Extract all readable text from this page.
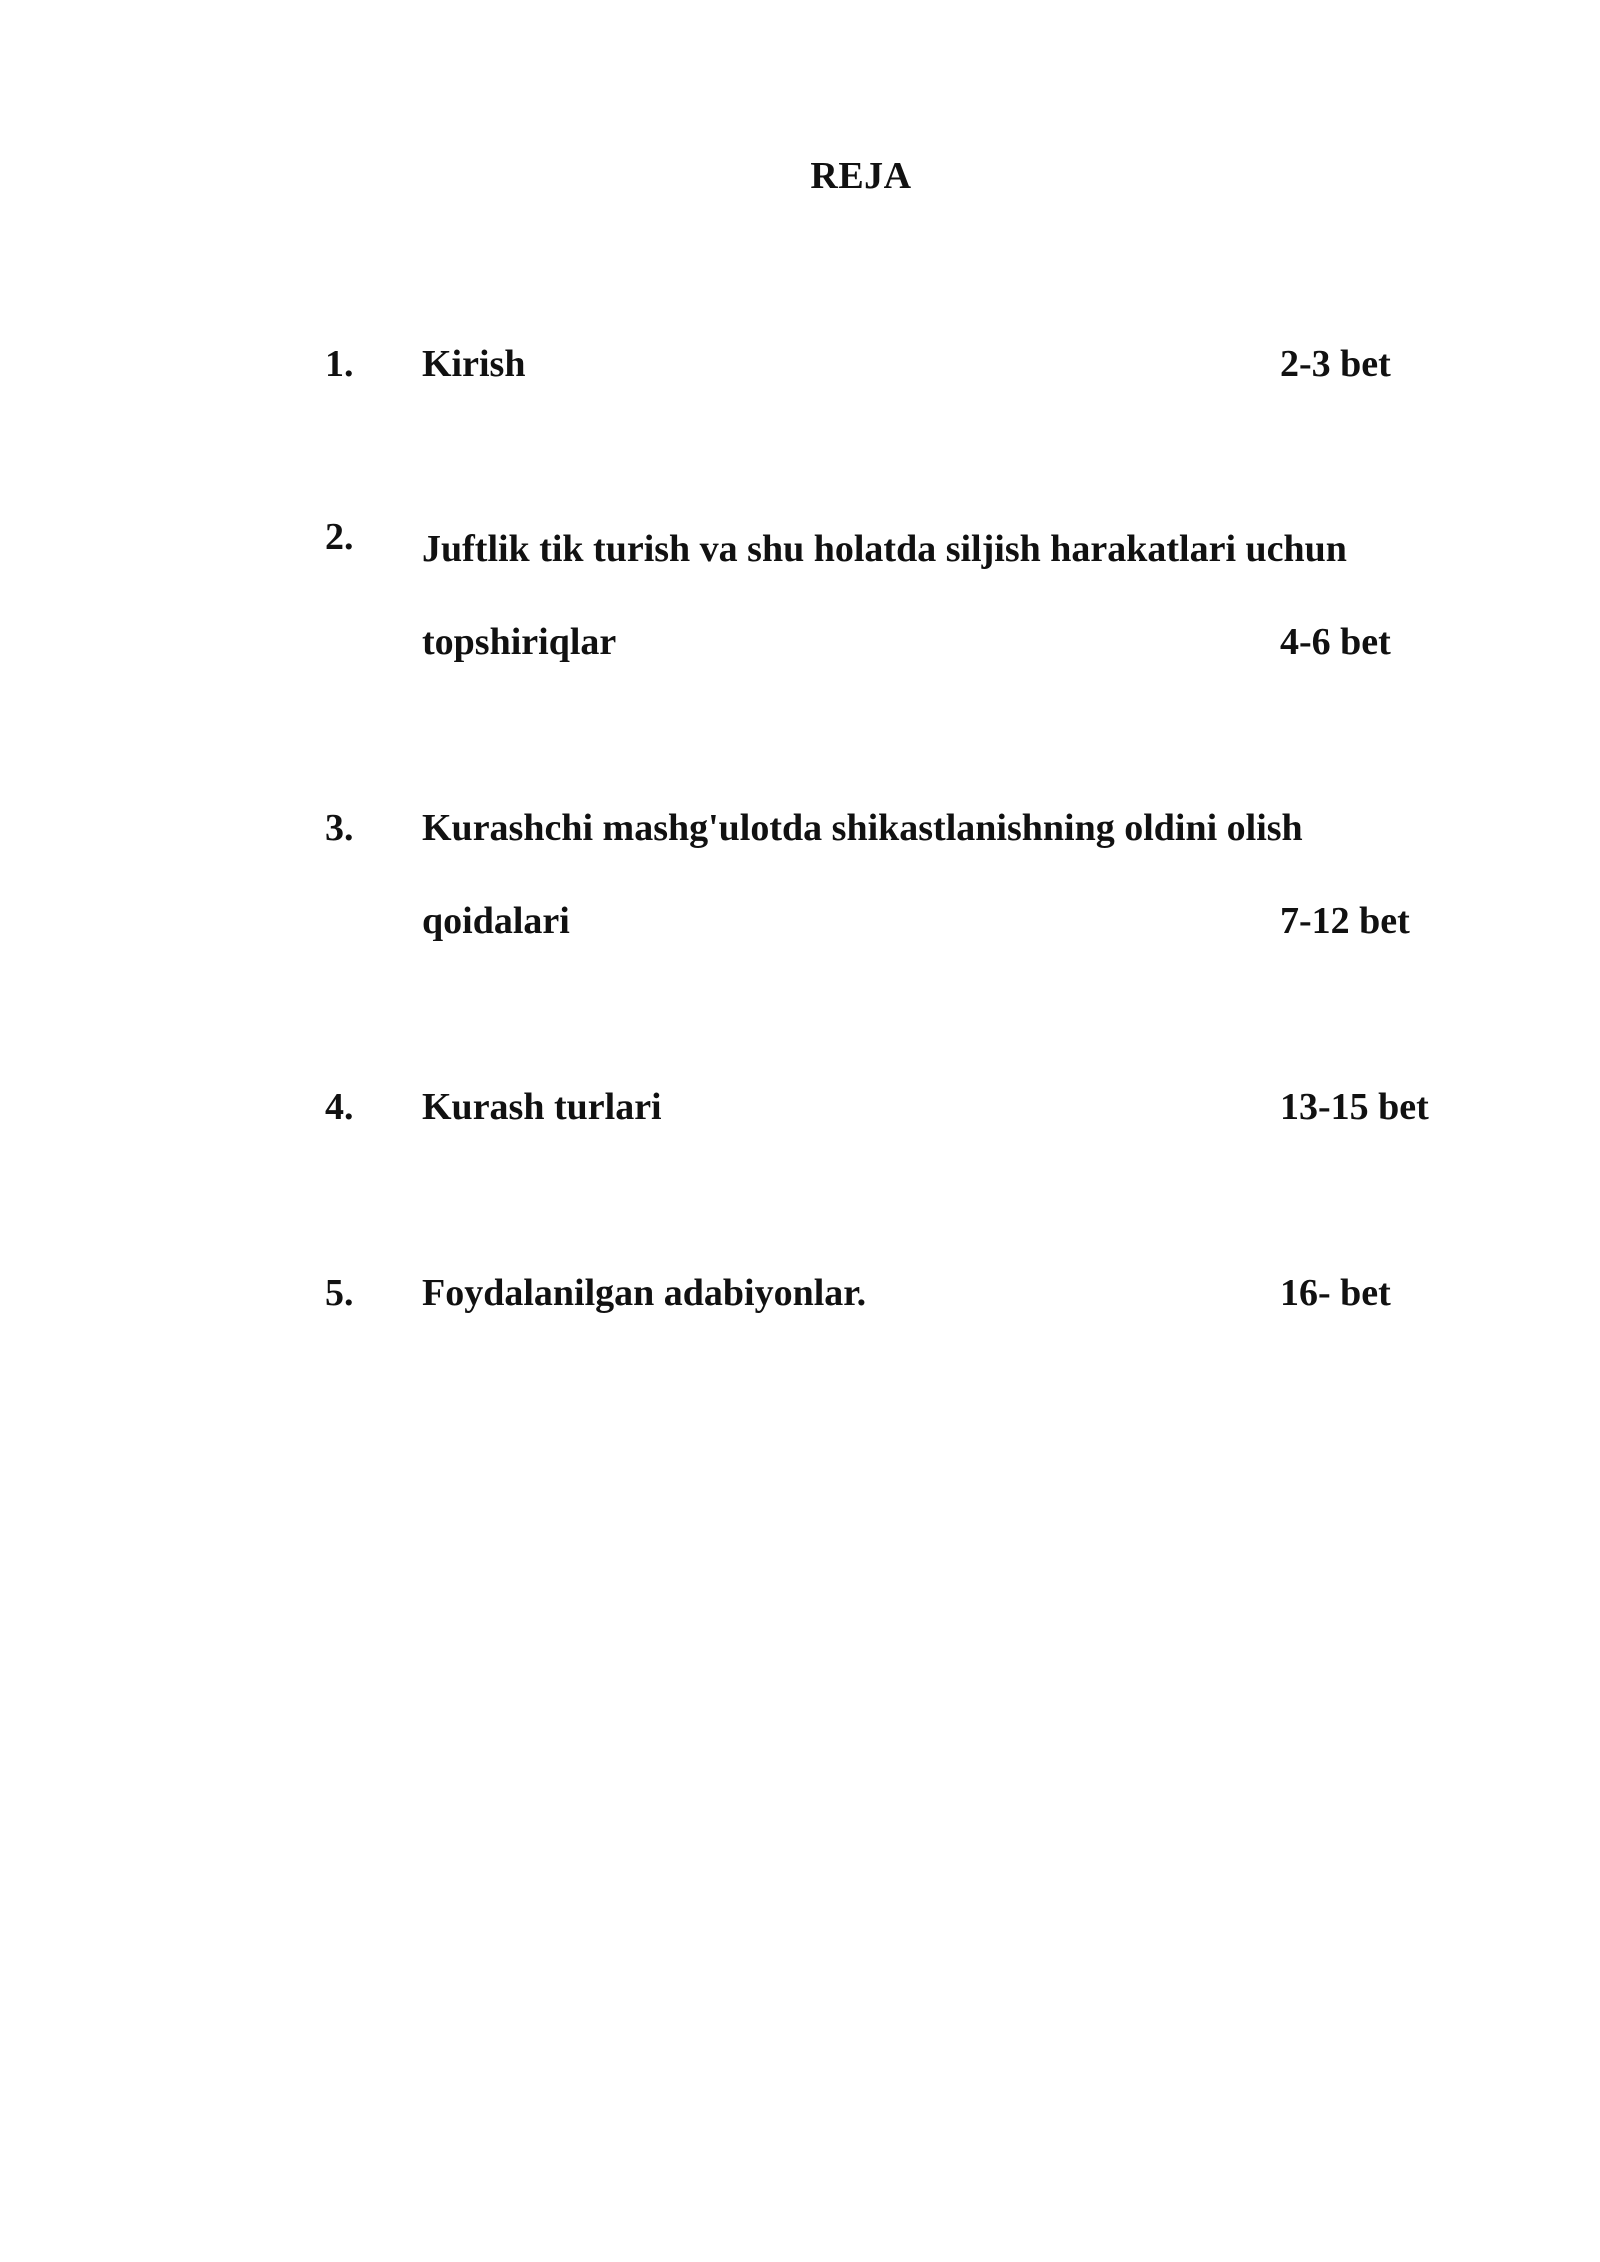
REJA
1. Kirish	2-3 bet
2. Juftlik tik turish va shu holatda siljish harakatlari uchun
topshiriqlar	4-6 bet
3. Kurashchi mashg'ulotda shikastlanishning oldini olish
qoidalari	7-12 bet
4. Kurash turlari	13-15 bet
5. Foydalanilgan adabiyonlar.	16- bet
